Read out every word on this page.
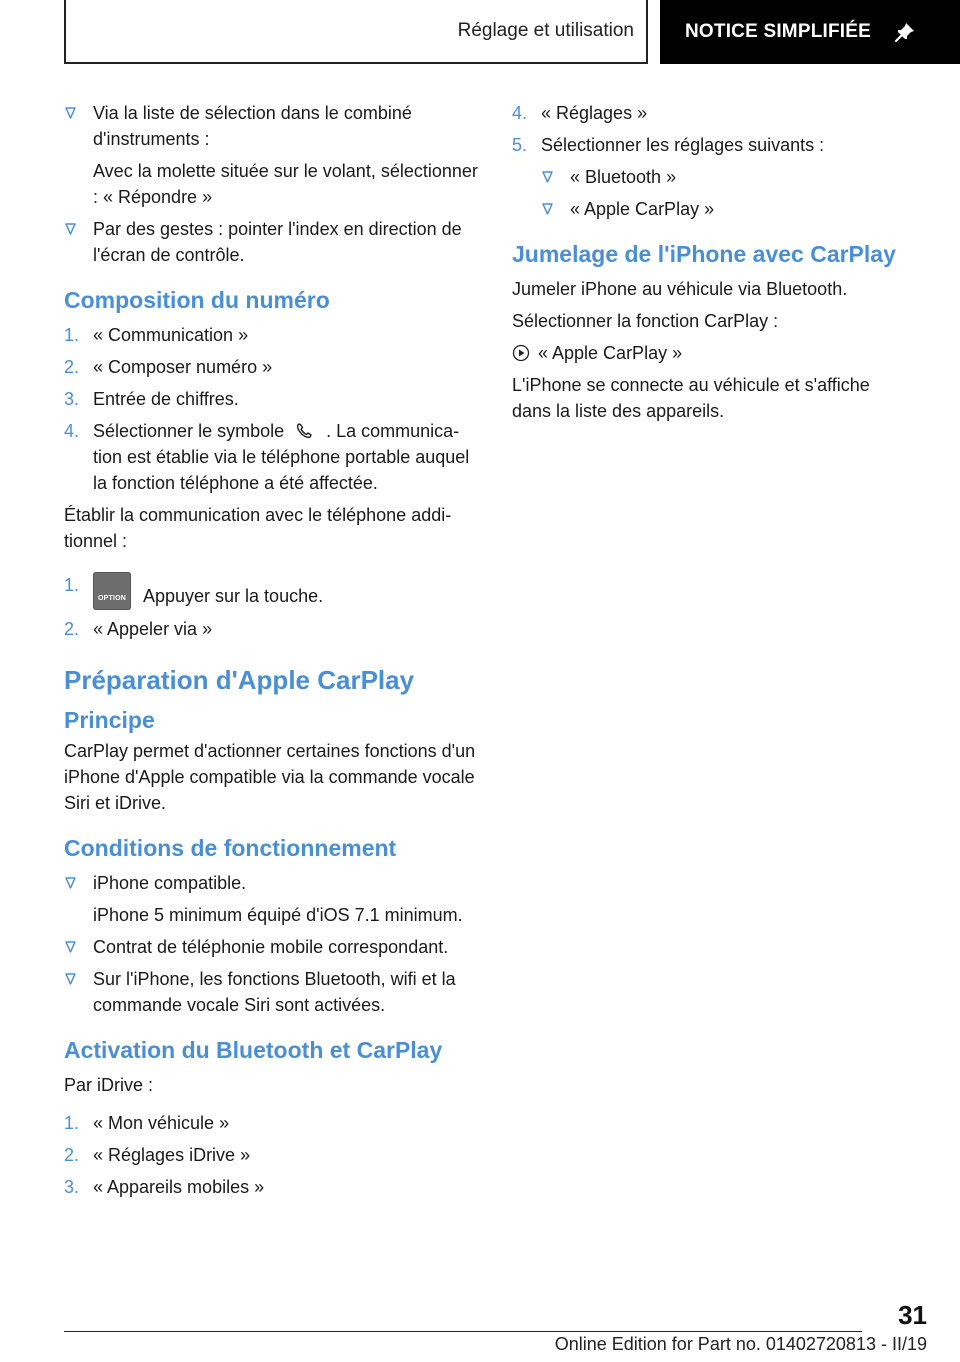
Réglage et utilisation	NOTICE SIMPLIFIÉE
Via la liste de sélection dans le combiné d'instruments :
Avec la molette située sur le volant, sélectionner : « Répondre »
Par des gestes : pointer l'index en direction de l'écran de contrôle.
Composition du numéro
1. « Communication »
2. « Composer numéro »
3. Entrée de chiffres.
4. Sélectionner le symbole . La communication est établie via le téléphone portable auquel la fonction téléphone a été affectée.
Établir la communication avec le téléphone additionnel :
1.
OPTION Appuyer sur la touche.
2. « Appeler via »
Préparation d'Apple CarPlay
Principe
CarPlay permet d'actionner certaines fonctions d'un iPhone d'Apple compatible via la commande vocale Siri et iDrive.
Conditions de fonctionnement
iPhone compatible.
iPhone 5 minimum équipé d'iOS 7.1 minimum.
Contrat de téléphonie mobile correspondant.
Sur l'iPhone, les fonctions Bluetooth, wifi et la commande vocale Siri sont activées.
Activation du Bluetooth et CarPlay
Par iDrive :
1. « Mon véhicule »
2. « Réglages iDrive »
3. « Appareils mobiles »
4. « Réglages »
5. Sélectionner les réglages suivants :
« Bluetooth »
« Apple CarPlay »
Jumelage de l'iPhone avec CarPlay
Jumeler iPhone au véhicule via Bluetooth.
Sélectionner la fonction CarPlay :
« Apple CarPlay »
L'iPhone se connecte au véhicule et s'affiche dans la liste des appareils.
31
Online Edition for Part no. 01402720813 - II/19
